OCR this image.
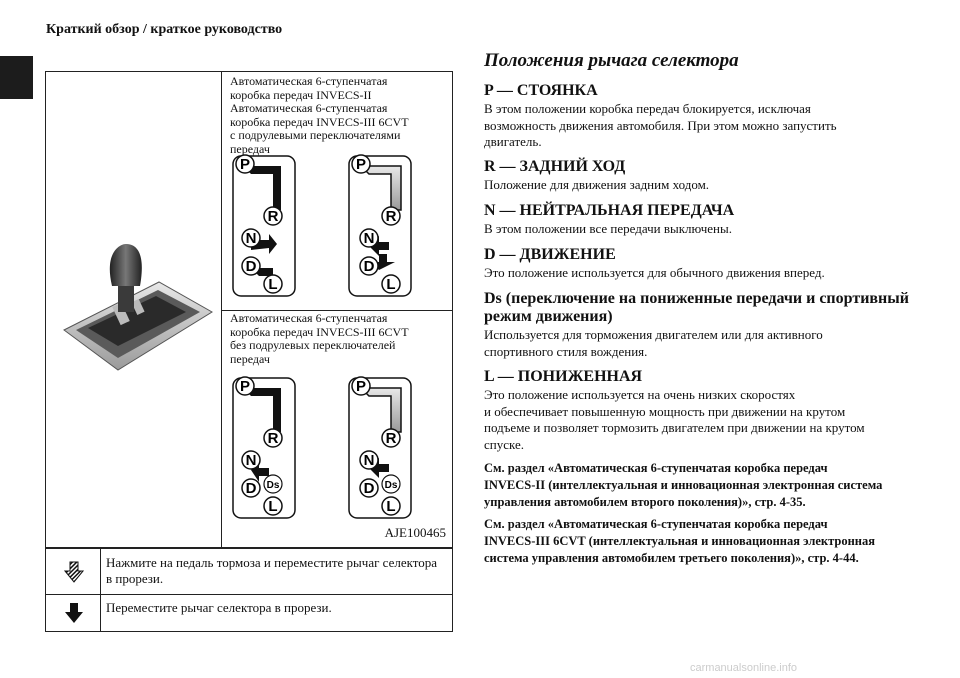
Краткий обзор / краткое руководство
Автоматическая 6-ступенчатая
коробка передач INVECS-II
Автоматическая 6-ступенчатая
коробка передач INVECS-III 6CVT
с подрулевыми переключателями
передач
Автоматическая 6-ступенчатая
коробка передач INVECS-III 6CVT
без подрулевых переключателей
передач
P
R
N
D
L
P
R
N
D
L
P
R
N
D
L
Ds
P
R
N
D
L
Ds
AJE100465
Нажмите на педаль тормоза и переместите рычаг селектора в прорези.
Переместите рычаг селектора в прорези.
Положения рычага селектора
P — СТОЯНКА
В этом положении коробка передач блокируется, исключая
возможность движения автомобиля. При этом можно запустить
двигатель.
R — ЗАДНИЙ ХОД
Положение для движения задним ходом.
N — НЕЙТРАЛЬНАЯ ПЕРЕДАЧА
В этом положении все передачи выключены.
D — ДВИЖЕНИЕ
Это положение используется для обычного движения вперед.
Ds (переключение на пониженные передачи и спортивный
режим движения)
Используется для торможения двигателем или для активного
спортивного стиля вождения.
L — ПОНИЖЕННАЯ
Это положение используется на очень низких скоростях
и обеспечивает повышенную мощность при движении на крутом
подъеме и позволяет тормозить двигателем при движении на крутом
спуске.
См. раздел «Автоматическая 6-ступенчатая коробка передач
INVECS-II (интеллектуальная и инновационная электронная система
управления автомобилем второго поколения)», стр. 4-35.
См. раздел «Автоматическая 6-ступенчатая коробка передач
INVECS-III 6CVT (интеллектуальная и инновационная электронная
система управления автомобилем третьего поколения)», стр. 4-44.
carmanualsonline.info
